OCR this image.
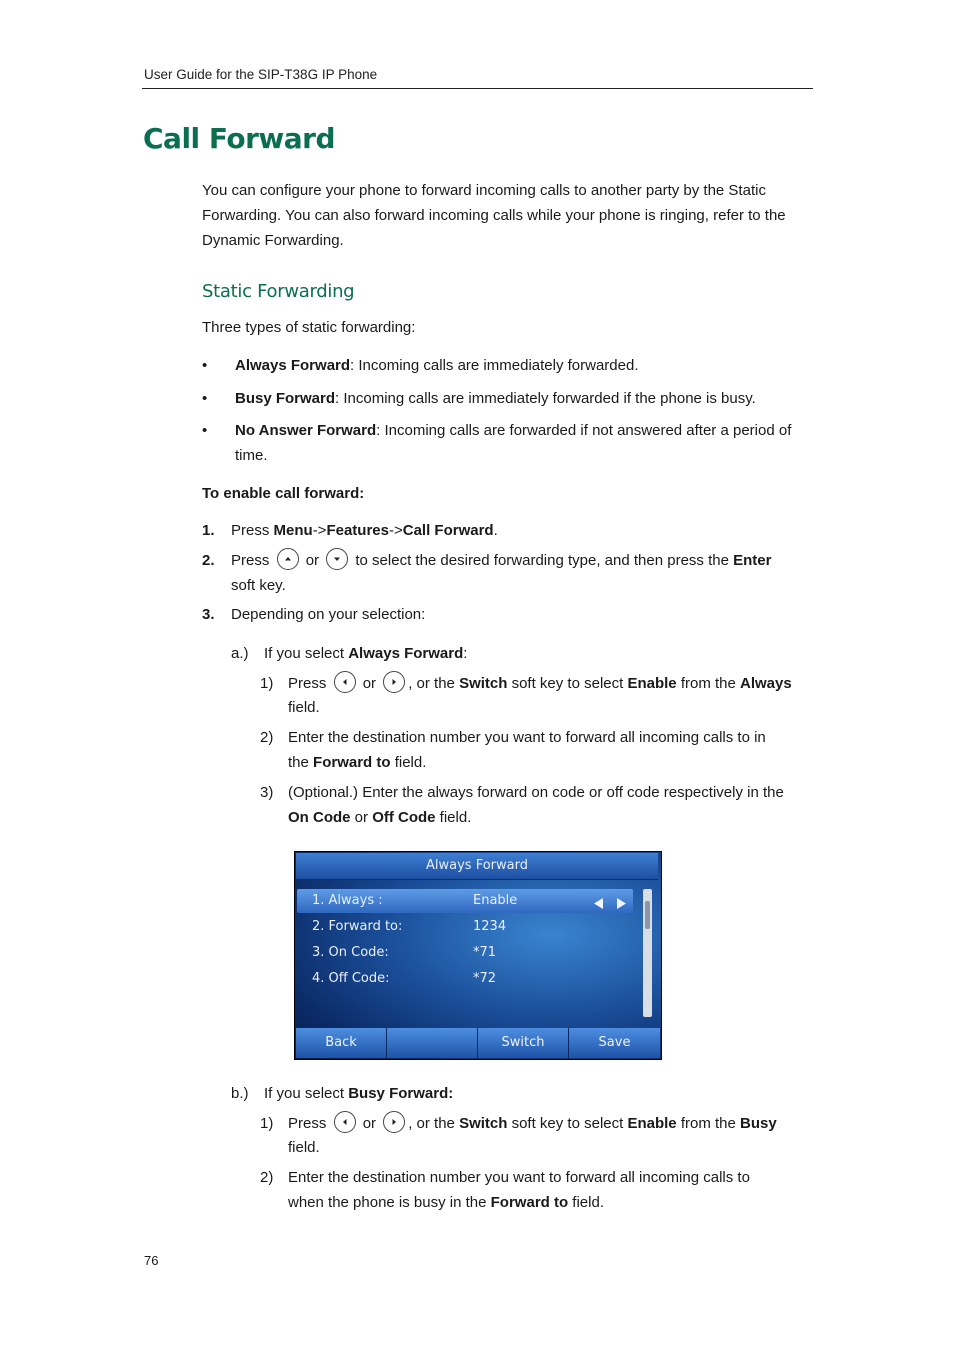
User Guide for the SIP-T38G IP Phone
Call Forward
You can configure your phone to forward incoming calls to another party by the Static Forwarding. You can also forward incoming calls while your phone is ringing, refer to the Dynamic Forwarding.
Static Forwarding
Three types of static forwarding:
• Always Forward: Incoming calls are immediately forwarded.
• Busy Forward: Incoming calls are immediately forwarded if the phone is busy.
• No Answer Forward: Incoming calls are forwarded if not answered after a period of time.
To enable call forward:
1. Press Menu->Features->Call Forward.
2. Press or to select the desired forwarding type, and then press the Enter
soft key.
3. Depending on your selection:
a.) If you select Always Forward:
1) Press or , or the Switch soft key to select Enable from the Always
field.
2) Enter the destination number you want to forward all incoming calls to in
the Forward to field.
3) (Optional.) Enter the always forward on code or off code respectively in the
On Code or Off Code field.
Always Forward
1. Always :	Enable
2. Forward to:	1234
3. On Code:	*71
4. Off Code:	*72
Back	Switch	Save
b.) If you select Busy Forward:
1) Press or , or the Switch soft key to select Enable from the Busy
field.
2) Enter the destination number you want to forward all incoming calls to
when the phone is busy in the Forward to field.
76
